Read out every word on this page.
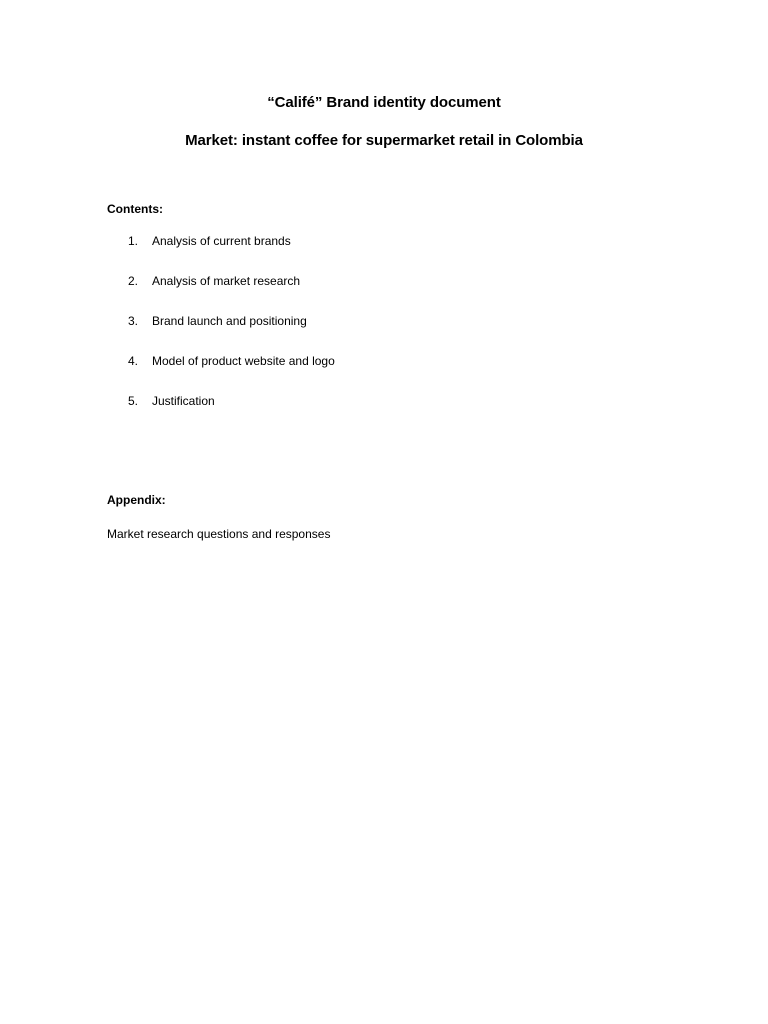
“Califé” Brand identity document
Market: instant coffee for supermarket retail in Colombia
Contents:
1. Analysis of current brands
2. Analysis of market research
3. Brand launch and positioning
4. Model of product website and logo
5. Justification
Appendix:
Market research questions and responses
